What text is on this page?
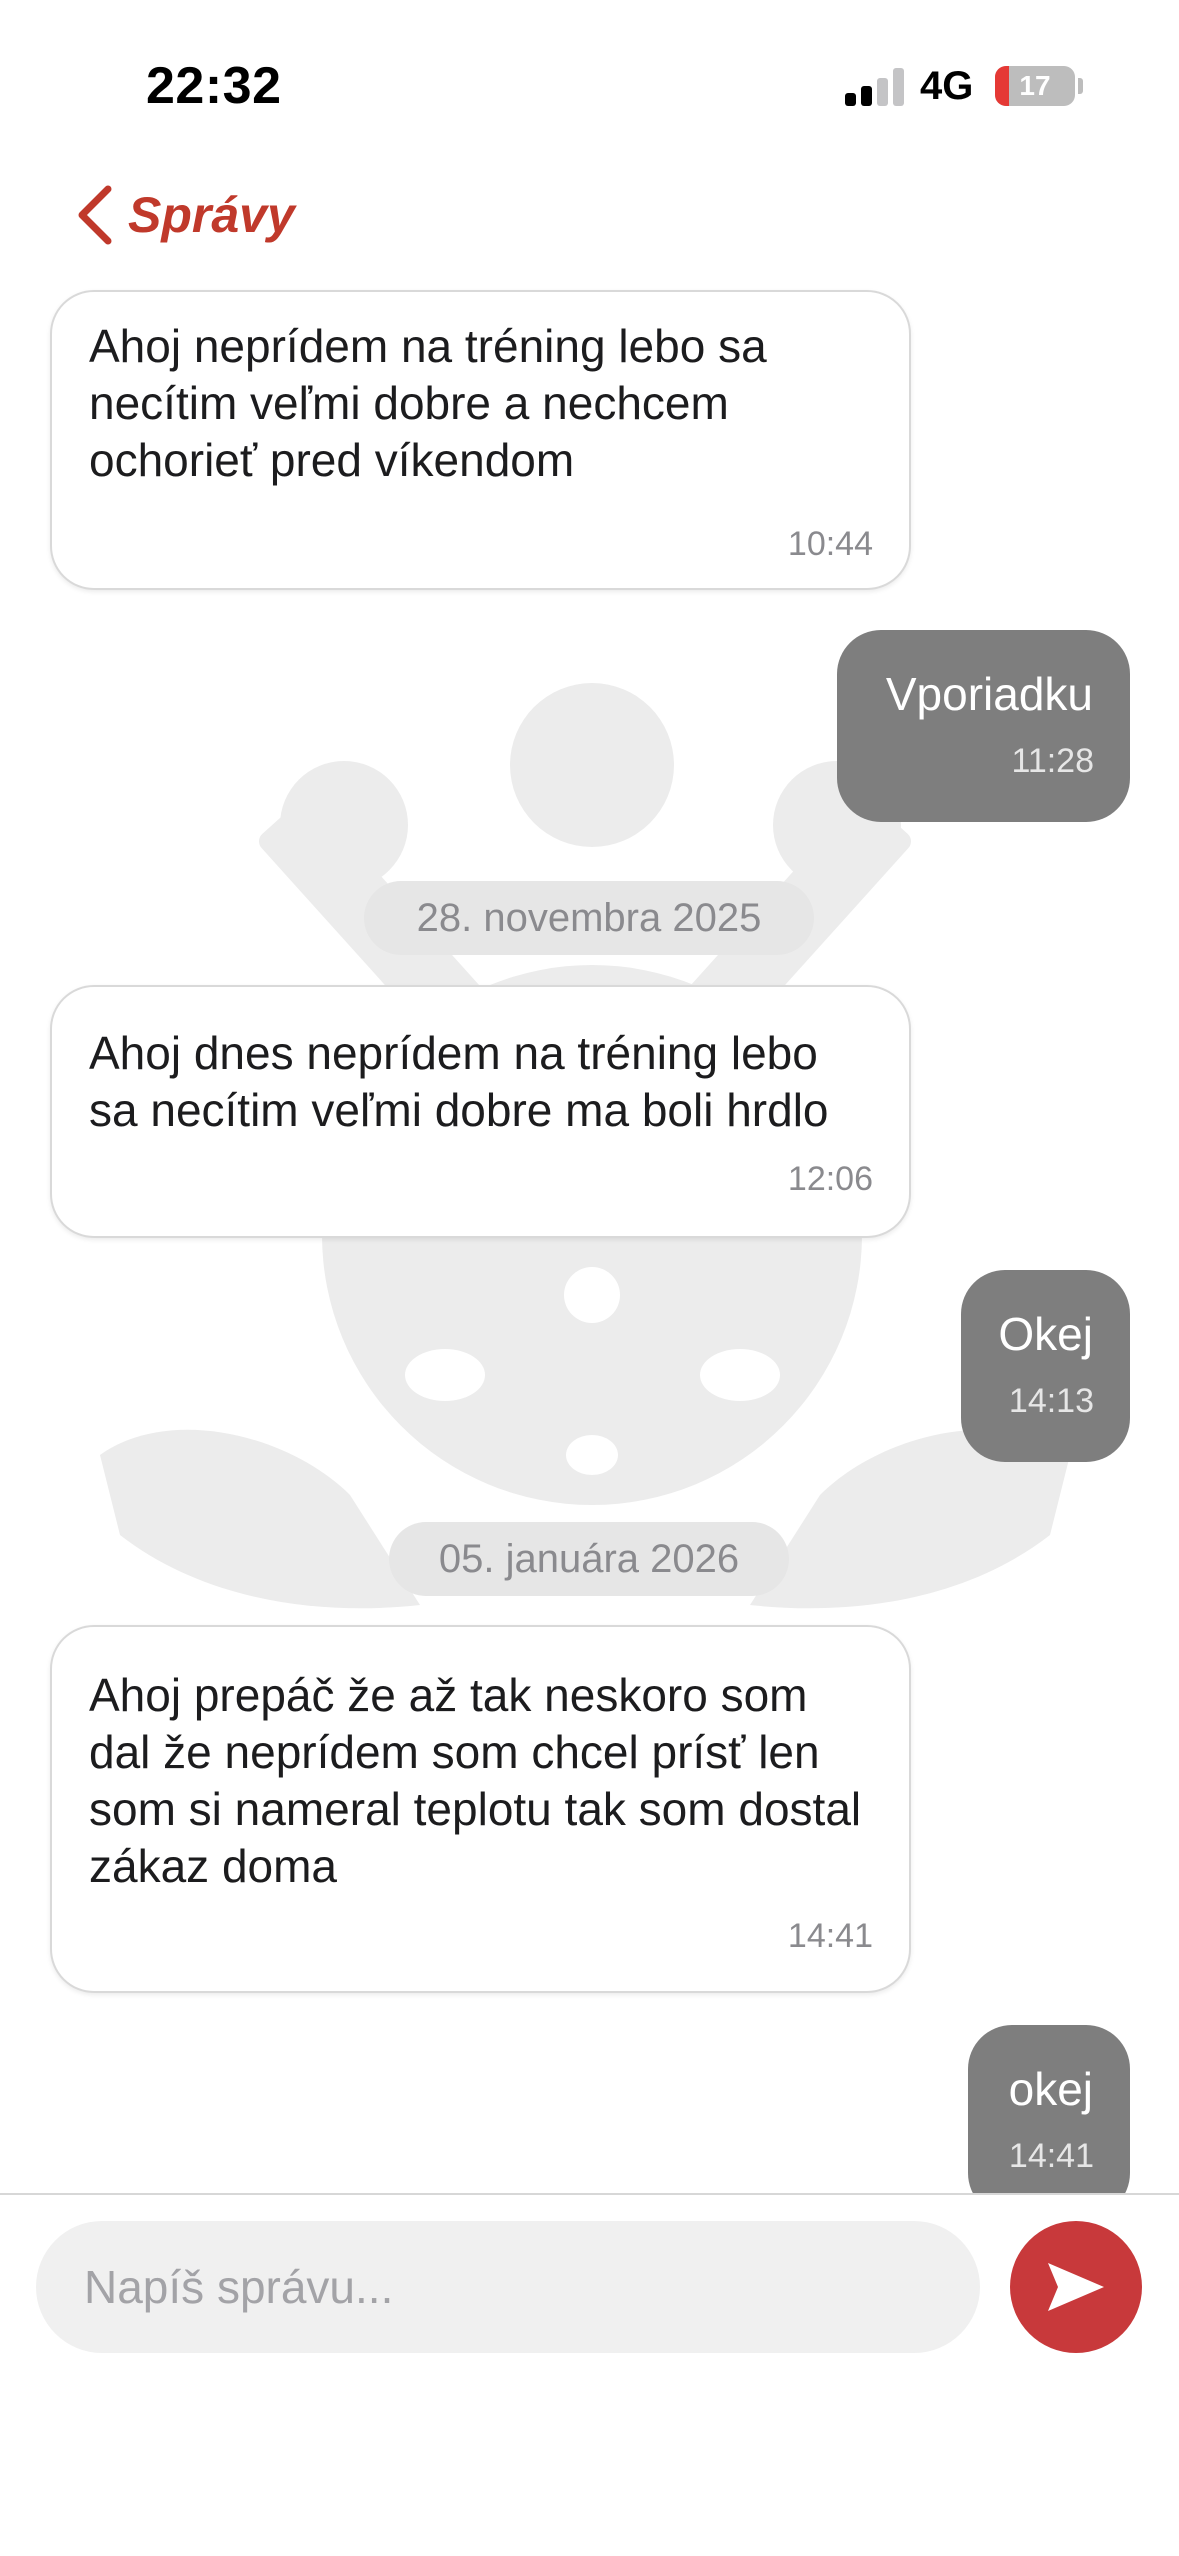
22:32	4G	17
Správy
Ahoj neprídem na tréning lebo sa necítim veľmi dobre a nechcem ochorieť pred víkendom
10:44
Vporiadku
11:28
28. novembra 2025
Ahoj dnes neprídem na tréning lebo sa necítim veľmi dobre ma boli hrdlo
12:06
Okej
14:13
05. januára 2026
Ahoj prepáč že až tak neskoro som dal že neprídem som chcel prísť len som si nameral teplotu tak som dostal zákaz doma
14:41
okej
14:41
Napíš správu...
